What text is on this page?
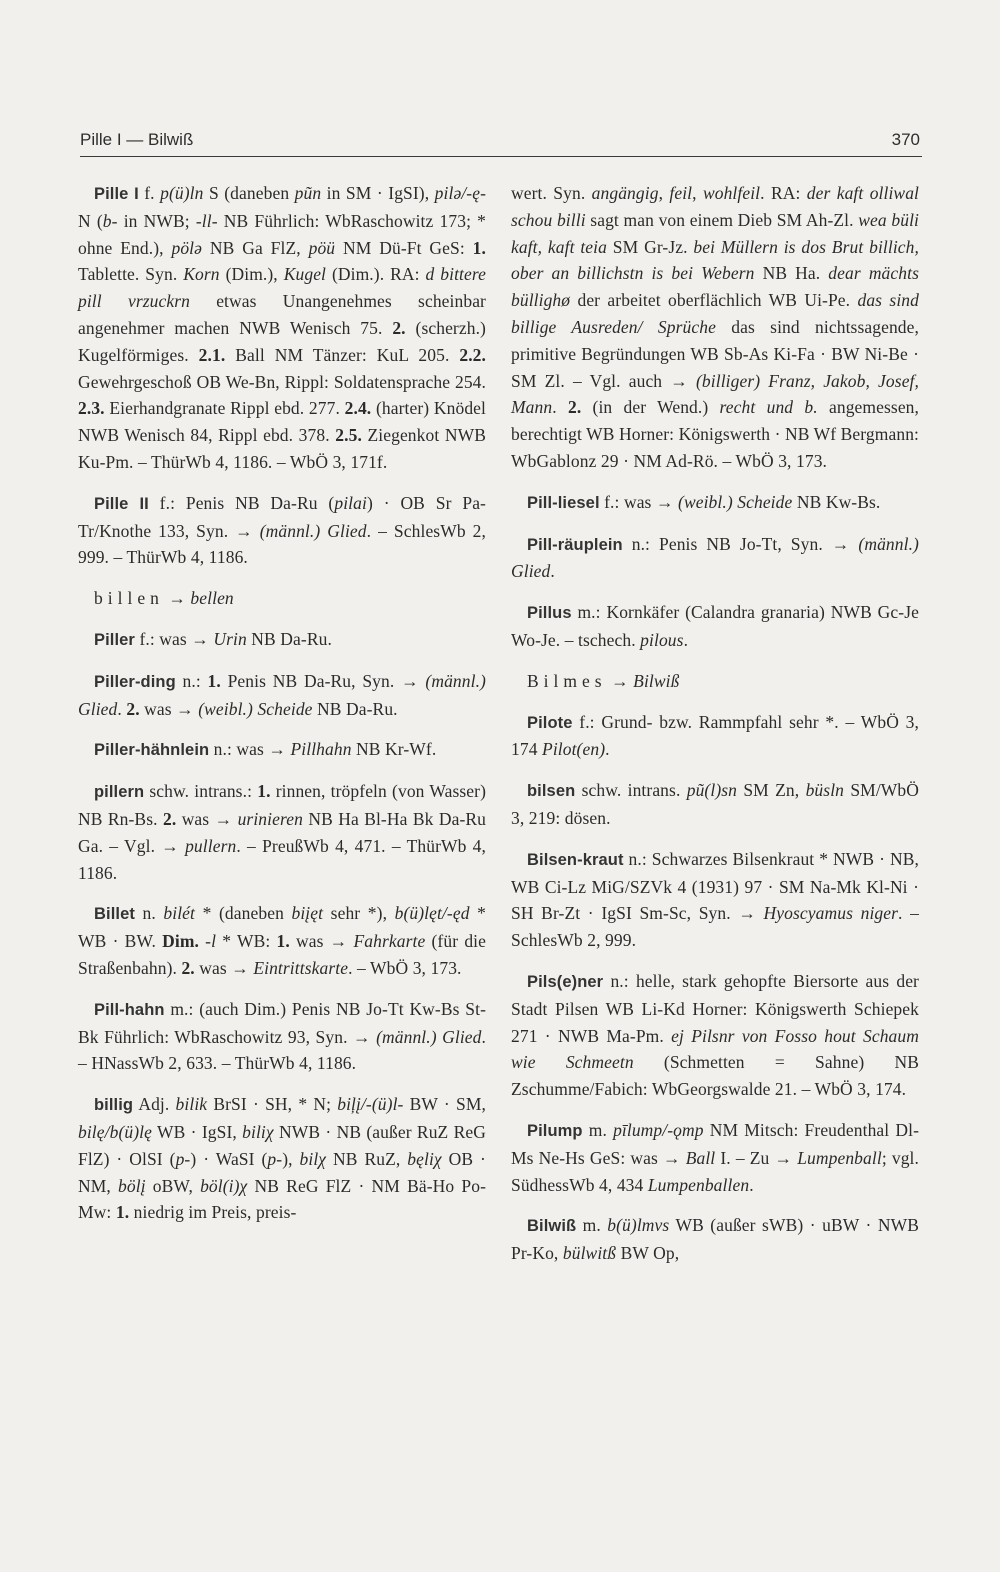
Pille I — Bilwiß	370

Pille I f. p(ü)ln S (daneben pũn in SM · IgSI), pilə/-ę- N (b- in NWB; -ll- NB Führlich: WbRaschowitz 173; * ohne End.), pölə NB Ga FlZ, pöü NM Dü-Ft GeS: 1. Tablette. Syn. Korn (Dim.), Kugel (Dim.). RA: d bittere pill vrzuckrn etwas Unangenehmes scheinbar angenehmer machen NWB Wenisch 75. 2. (scherzh.) Kugelförmiges. 2.1. Ball NM Tänzer: KuL 205. 2.2. Gewehrgeschoß OB We-Bn, Rippl: Soldatensprache 254. 2.3. Eierhandgranate Rippl ebd. 277. 2.4. (harter) Knödel NWB Wenisch 84, Rippl ebd. 378. 2.5. Ziegenkot NWB Ku-Pm. – ThürWb 4, 1186. – WbÖ 3, 171f.

Pille II f.: Penis NB Da-Ru (pilai) · OB Sr Pa-Tr/Knothe 133, Syn. → (männl.) Glied. – SchlesWb 2, 999. – ThürWb 4, 1186.

billen → bellen

Piller f.: was → Urin NB Da-Ru.

Piller-ding n.: 1. Penis NB Da-Ru, Syn. → (männl.) Glied. 2. was → (weibl.) Scheide NB Da-Ru.

Piller-hähnlein n.: was → Pillhahn NB Kr-Wf.

pillern schw. intrans.: 1. rinnen, tröpfeln (von Wasser) NB Rn-Bs. 2. was → urinieren NB Ha Bl-Ha Bk Da-Ru Ga. – Vgl. → pullern. – PreußWb 4, 471. – ThürWb 4, 1186.

Billet n. bilét * (daneben biįęt sehr *), b(ü)lęt/-ęd * WB · BW. Dim. -l * WB: 1. was → Fahrkarte (für die Straßenbahn). 2. was → Eintrittskarte. – WbÖ 3, 173.

Pill-hahn m.: (auch Dim.) Penis NB Jo-Tt Kw-Bs St-Bk Führlich: WbRaschowitz 93, Syn. → (männl.) Glied. – HNassWb 2, 633. – ThürWb 4, 1186.

billig Adj. bilik BrSI · SH, * N; biļį/-(ü)l- BW · SM, bilę/b(ü)lę WB · IgSI, biliχ NWB · NB (außer RuZ ReG FlZ) · OlSI (p-) · WaSI (p-), bilχ NB RuZ, bęliχ OB · NM, bölį oBW, böl(i)χ NB ReG FlZ · NM Bä-Ho Po-Mw: 1. niedrig im Preis, preis-

wert. Syn. angängig, feil, wohlfeil. RA: der kaft olliwal schou billi sagt man von einem Dieb SM Ah-Zl. wea büli kaft, kaft teia SM Gr-Jz. bei Müllern is dos Brut billich, ober an billichstn is bei Webern NB Ha. dear mächts büllighø der arbeitet oberflächlich WB Ui-Pe. das sind billige Ausreden/ Sprüche das sind nichtssagende, primitive Begründungen WB Sb-As Ki-Fa · BW Ni-Be · SM Zl. – Vgl. auch → (billiger) Franz, Jakob, Josef, Mann. 2. (in der Wend.) recht und b. angemessen, berechtigt WB Horner: Königswerth · NB Wf Bergmann: WbGablonz 29 · NM Ad-Rö. – WbÖ 3, 173.

Pill-liesel f.: was → (weibl.) Scheide NB Kw-Bs.

Pill-räuplein n.: Penis NB Jo-Tt, Syn. → (männl.) Glied.

Pillus m.: Kornkäfer (Calandra granaria) NWB Gc-Je Wo-Je. – tschech. pilous.

Bilmes → Bilwiß

Pilote f.: Grund- bzw. Rammpfahl sehr *. – WbÖ 3, 174 Pilot(en).

bilsen schw. intrans. pũ(l)sn SM Zn, büsln SM/WbÖ 3, 219: dösen.

Bilsen-kraut n.: Schwarzes Bilsenkraut * NWB · NB, WB Ci-Lz MiG/SZVk 4 (1931) 97 · SM Na-Mk Kl-Ni · SH Br-Zt · IgSI Sm-Sc, Syn. → Hyoscyamus niger. – SchlesWb 2, 999.

Pils(e)ner n.: helle, stark gehopfte Biersorte aus der Stadt Pilsen WB Li-Kd Horner: Königswerth Schiepek 271 · NWB Ma-Pm. ej Pilsnr von Fosso hout Schaum wie Schmeetn (Schmetten = Sahne) NB Zschumme/Fabich: WbGeorgswalde 21. – WbÖ 3, 174.

Pilump m. pīlump/-ǫmp NM Mitsch: Freudenthal Dl-Ms Ne-Hs GeS: was → Ball I. – Zu → Lumpenball; vgl. SüdhessWb 4, 434 Lumpenballen.

Bilwiß m. b(ü)lmvs WB (außer sWB) · uBW · NWB Pr-Ko, bülwitß BW Op,
